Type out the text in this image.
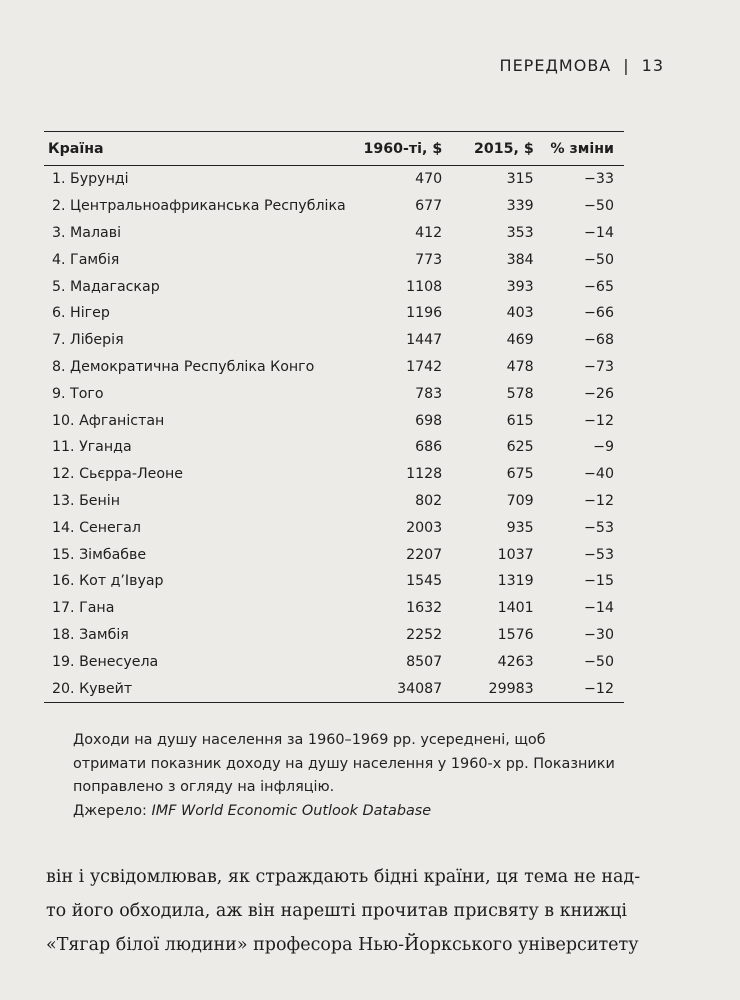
ПЕРЕДМОВА | 13
Країна	1960-ті, $	2015, $	% зміни
1. Бурунді	470	315	−33
2. Центральноафриканська Республіка	677	339	−50
3. Малаві	412	353	−14
4. Гамбія	773	384	−50
5. Мадагаскар	1108	393	−65
6. Нігер	1196	403	−66
7. Ліберія	1447	469	−68
8. Демократична Республіка Конго	1742	478	−73
9. Того	783	578	−26
10. Афганістан	698	615	−12
11. Уганда	686	625	−9
12. Сьєрра-Леоне	1128	675	−40
13. Бенін	802	709	−12
14. Сенегал	2003	935	−53
15. Зімбабве	2207	1037	−53
16. Кот д’Івуар	1545	1319	−15
17. Гана	1632	1401	−14
18. Замбія	2252	1576	−30
19. Венесуела	8507	4263	−50
20. Кувейт	34087	29983	−12
Доходи на душу населення за 1960–1969 рр. усереднені, щоб отримати показник доходу на душу населення у 1960-х рр. Показники поправлено з огляду на інфляцію.
Джерело: IMF World Economic Outlook Database
він і усвідомлював, як страждають бідні країни, ця тема не над-
то його обходила, аж він нарешті прочитав присвяту в книжці
«Тягар білої людини» професора Нью-Йоркського університету
